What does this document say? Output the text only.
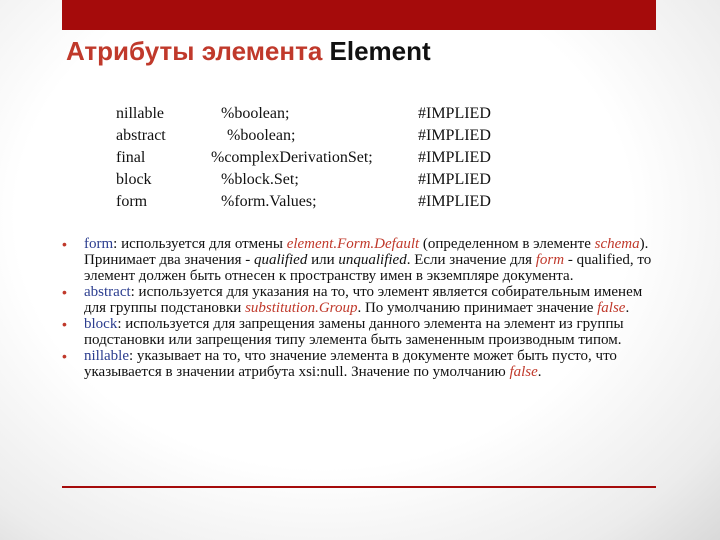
Атрибуты элемента Element
nillable	%boolean;	#IMPLIED
abstract	%boolean;	#IMPLIED
final	%complexDerivationSet;	#IMPLIED
block	%block.Set;	#IMPLIED
form	%form.Values;	#IMPLIED
• form: используется для отмены element.Form.Default (определенном в элементе schema). Принимает два значения - qualified или unqualified. Если значение для form - qualified, то элемент должен быть отнесен к пространству имен в экземпляре документа.
• abstract: используется для указания на то, что элемент является собирательным именем для группы подстановки substitution.Group. По умолчанию принимает значение false.
• block: используется для запрещения замены данного элемента на элемент из группы подстановки или запрещения типу элемента быть замененным производным типом.
• nillable: указывает на то, что значение элемента в документе может быть пусто, что указывается в значении атрибута xsi:null. Значение по умолчанию false.
